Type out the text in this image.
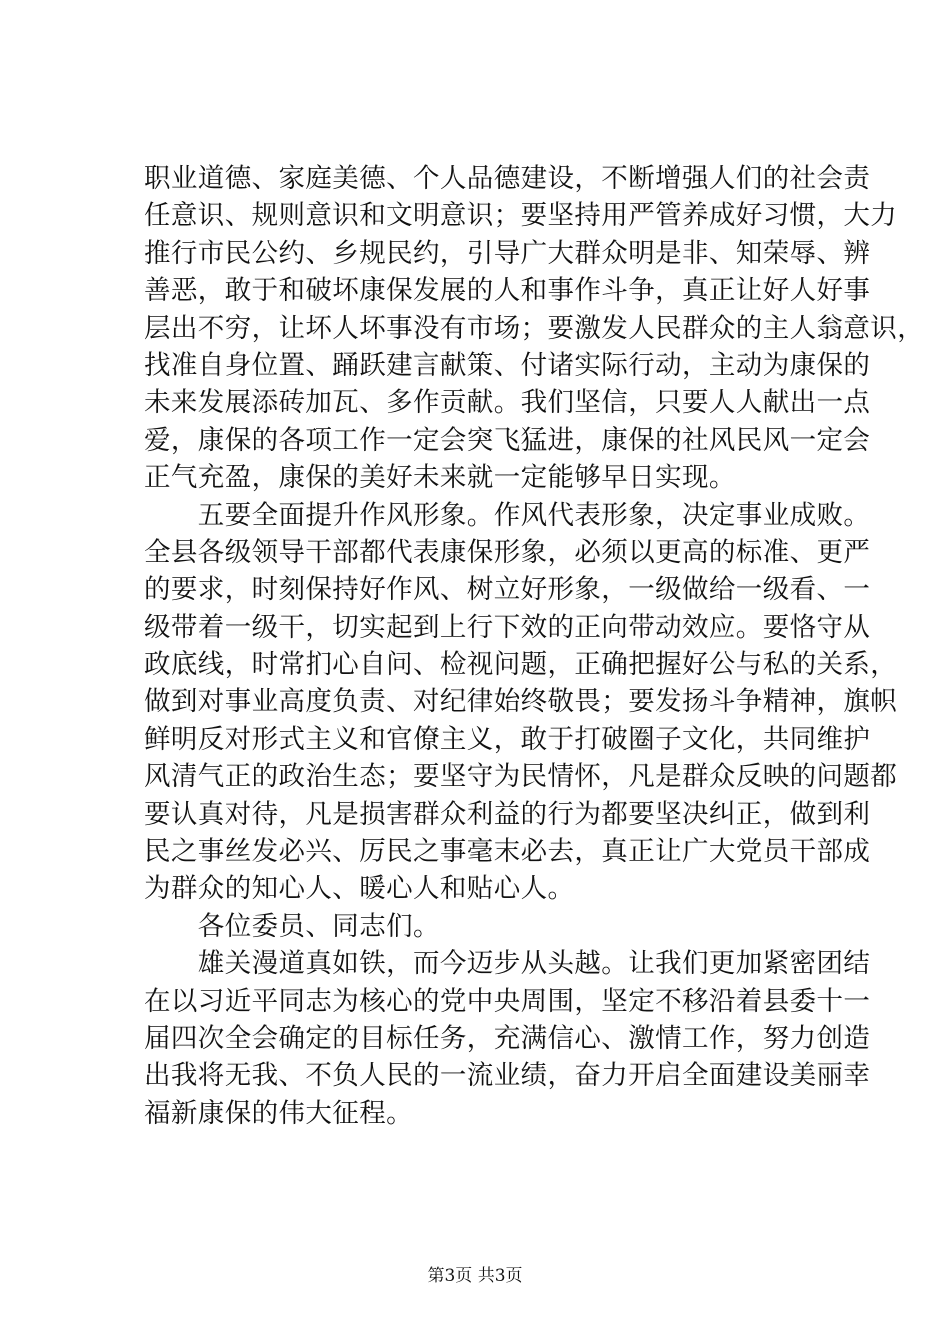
职业道德、家庭美德、个人品德建设，不断增强人们的社会责
任意识、规则意识和文明意识；要坚持用严管养成好习惯，大力
推行市民公约、乡规民约，引导广大群众明是非、知荣辱、辨
善恶，敢于和破坏康保发展的人和事作斗争，真正让好人好事
层出不穷，让坏人坏事没有市场；要激发人民群众的主人翁意识，
找准自身位置、踊跃建言献策、付诸实际行动，主动为康保的
未来发展添砖加瓦、多作贡献。我们坚信，只要人人献出一点
爱，康保的各项工作一定会突飞猛进，康保的社风民风一定会
正气充盈，康保的美好未来就一定能够早日实现。
　　五要全面提升作风形象。作风代表形象，决定事业成败。
全县各级领导干部都代表康保形象，必须以更高的标准、更严
的要求，时刻保持好作风、树立好形象，一级做给一级看、一
级带着一级干，切实起到上行下效的正向带动效应。要恪守从
政底线，时常扪心自问、检视问题，正确把握好公与私的关系，
做到对事业高度负责、对纪律始终敬畏；要发扬斗争精神，旗帜
鲜明反对形式主义和官僚主义，敢于打破圈子文化，共同维护
风清气正的政治生态；要坚守为民情怀，凡是群众反映的问题都
要认真对待，凡是损害群众利益的行为都要坚决纠正，做到利
民之事丝发必兴、厉民之事毫末必去，真正让广大党员干部成
为群众的知心人、暖心人和贴心人。
　　各位委员、同志们。
　　雄关漫道真如铁，而今迈步从头越。让我们更加紧密团结
在以习近平同志为核心的党中央周围，坚定不移沿着县委十一
届四次全会确定的目标任务，充满信心、激情工作，努力创造
出我将无我、不负人民的一流业绩，奋力开启全面建设美丽幸
福新康保的伟大征程。
第3页 共3页
